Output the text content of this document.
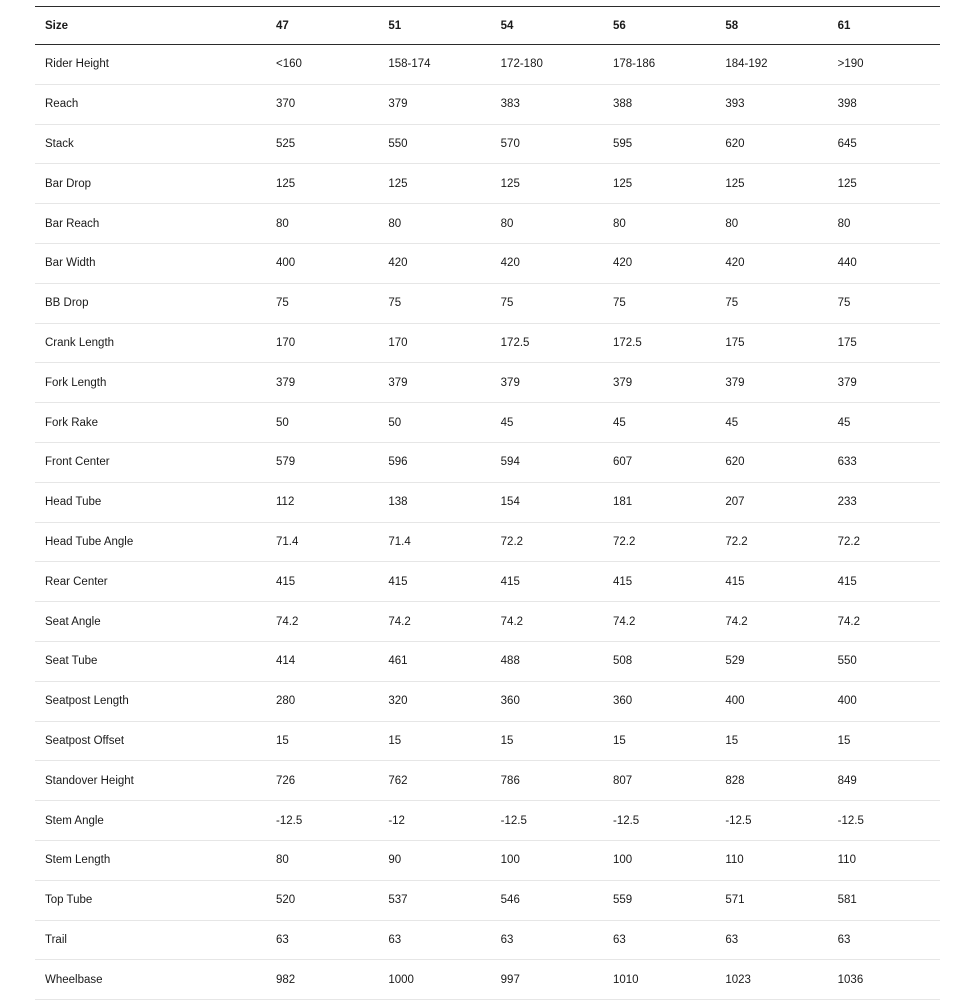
Size	47	51	54	56	58	61
Rider Height	<160	158-174	172-180	178-186	184-192	>190
Reach	370	379	383	388	393	398
Stack	525	550	570	595	620	645
Bar Drop	125	125	125	125	125	125
Bar Reach	80	80	80	80	80	80
Bar Width	400	420	420	420	420	440
BB Drop	75	75	75	75	75	75
Crank Length	170	170	172.5	172.5	175	175
Fork Length	379	379	379	379	379	379
Fork Rake	50	50	45	45	45	45
Front Center	579	596	594	607	620	633
Head Tube	112	138	154	181	207	233
Head Tube Angle	71.4	71.4	72.2	72.2	72.2	72.2
Rear Center	415	415	415	415	415	415
Seat Angle	74.2	74.2	74.2	74.2	74.2	74.2
Seat Tube	414	461	488	508	529	550
Seatpost Length	280	320	360	360	400	400
Seatpost Offset	15	15	15	15	15	15
Standover Height	726	762	786	807	828	849
Stem Angle	-12.5	-12	-12.5	-12.5	-12.5	-12.5
Stem Length	80	90	100	100	110	110
Top Tube	520	537	546	559	571	581
Trail	63	63	63	63	63	63
Wheelbase	982	1000	997	1010	1023	1036
